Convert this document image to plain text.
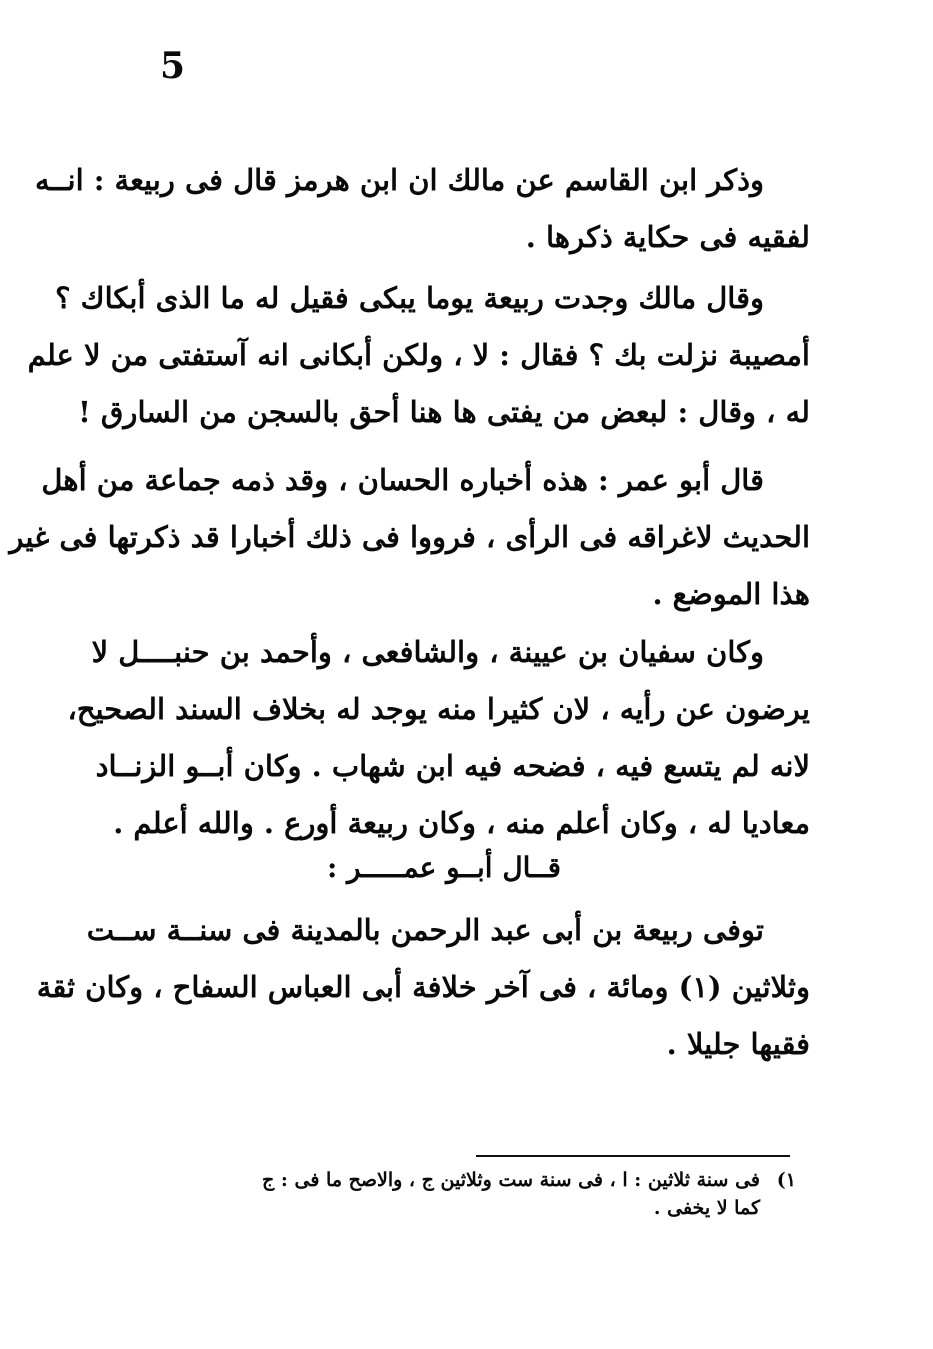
5
وذكر ابن القاسم عن مالك ان ابن هرمز قال فى ربيعة : انــه
لفقيه فى حكاية ذكرها .
وقال مالك وجدت ربيعة يوما يبكى فقيل له ما الذى أبكاك ؟
أمصيبة نزلت بك ؟ فقال : لا ، ولكن أبكانى انه آستفتى من لا علم
له ، وقال : لبعض من يفتى ها هنا أحق بالسجن من السارق !
قال أبو عمر : هذه أخباره الحسان ، وقد ذمه جماعة من أهل
الحديث لاغراقه فى الرأى ، فرووا فى ذلك أخبارا قد ذكرتها فى غير
هذا الموضع .
وكان سفيان بن عيينة ، والشافعى ، وأحمد بن حنبــــل لا
يرضون عن رأيه ، لان كثيرا منه يوجد له بخلاف السند الصحيح،
لانه لم يتسع فيه ، فضحه فيه ابن شهاب . وكان أبــو الزنــاد
معاديا له ، وكان أعلم منه ، وكان ربيعة أورع . والله أعلم .
قــال أبــو عمـــــر :
توفى ربيعة بن أبى عبد الرحمن بالمدينة فى سنــة ســت
وثلاثين (١) ومائة ، فى آخر خلافة أبى العباس السفاح ، وكان ثقة
فقيها جليلا .
١)فى سنة ثلاثين : ا ، فى سنة ست وثلاثين ج ، والاصح ما فى : ج
كما لا يخفى .
